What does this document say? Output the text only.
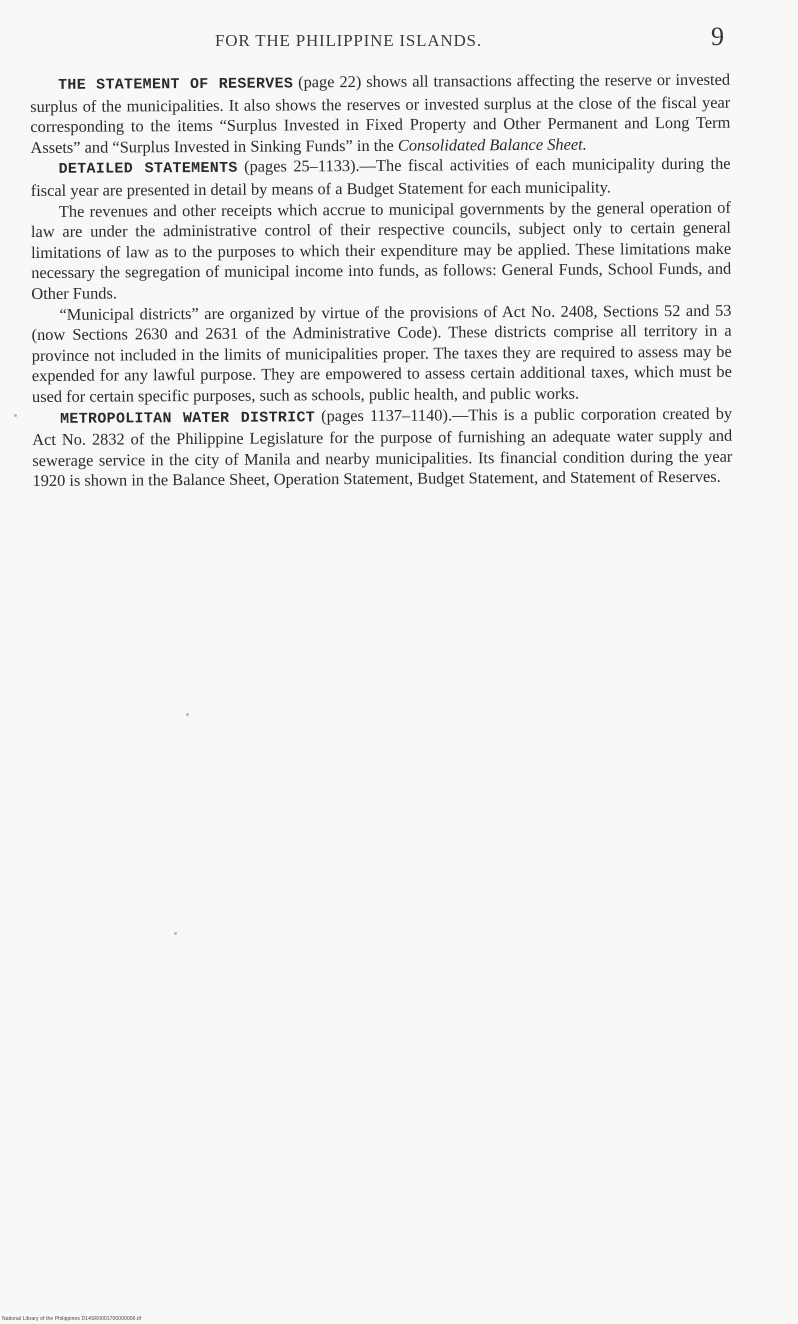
FOR THE PHILIPPINE ISLANDS.	9

THE STATEMENT OF RESERVES (page 22) shows all transactions affecting the reserve or invested surplus of the municipalities. It also shows the reserves or invested surplus at the close of the fiscal year corresponding to the items “Surplus Invested in Fixed Property and Other Permanent and Long Term Assets” and “Surplus Invested in Sinking Funds” in the Consolidated Balance Sheet.

DETAILED STATEMENTS (pages 25–1133).—The fiscal activities of each municipality during the fiscal year are presented in detail by means of a Budget Statement for each municipality.

The revenues and other receipts which accrue to municipal governments by the general operation of law are under the administrative control of their respective councils, subject only to certain general limitations of law as to the purposes to which their expenditure may be applied. These limitations make necessary the segregation of municipal income into funds, as follows: General Funds, School Funds, and Other Funds.

“Municipal districts” are organized by virtue of the provisions of Act No. 2408, Sections 52 and 53 (now Sections 2630 and 2631 of the Administrative Code). These districts comprise all territory in a province not included in the limits of municipalities proper. The taxes they are required to assess may be expended for any lawful purpose. They are empowered to assess certain additional taxes, which must be used for certain specific purposes, such as schools, public health, and public works.

METROPOLITAN WATER DISTRICT (pages 1137–1140).—This is a public corporation created by Act No. 2832 of the Philippine Legislature for the purpose of furnishing an adequate water supply and sewerage service in the city of Manila and nearby municipalities. Its financial condition during the year 1920 is shown in the Balance Sheet, Operation Statement, Budget Statement, and Statement of Reserves.

National Library of the Philippines D14SR0001700000006.tif
